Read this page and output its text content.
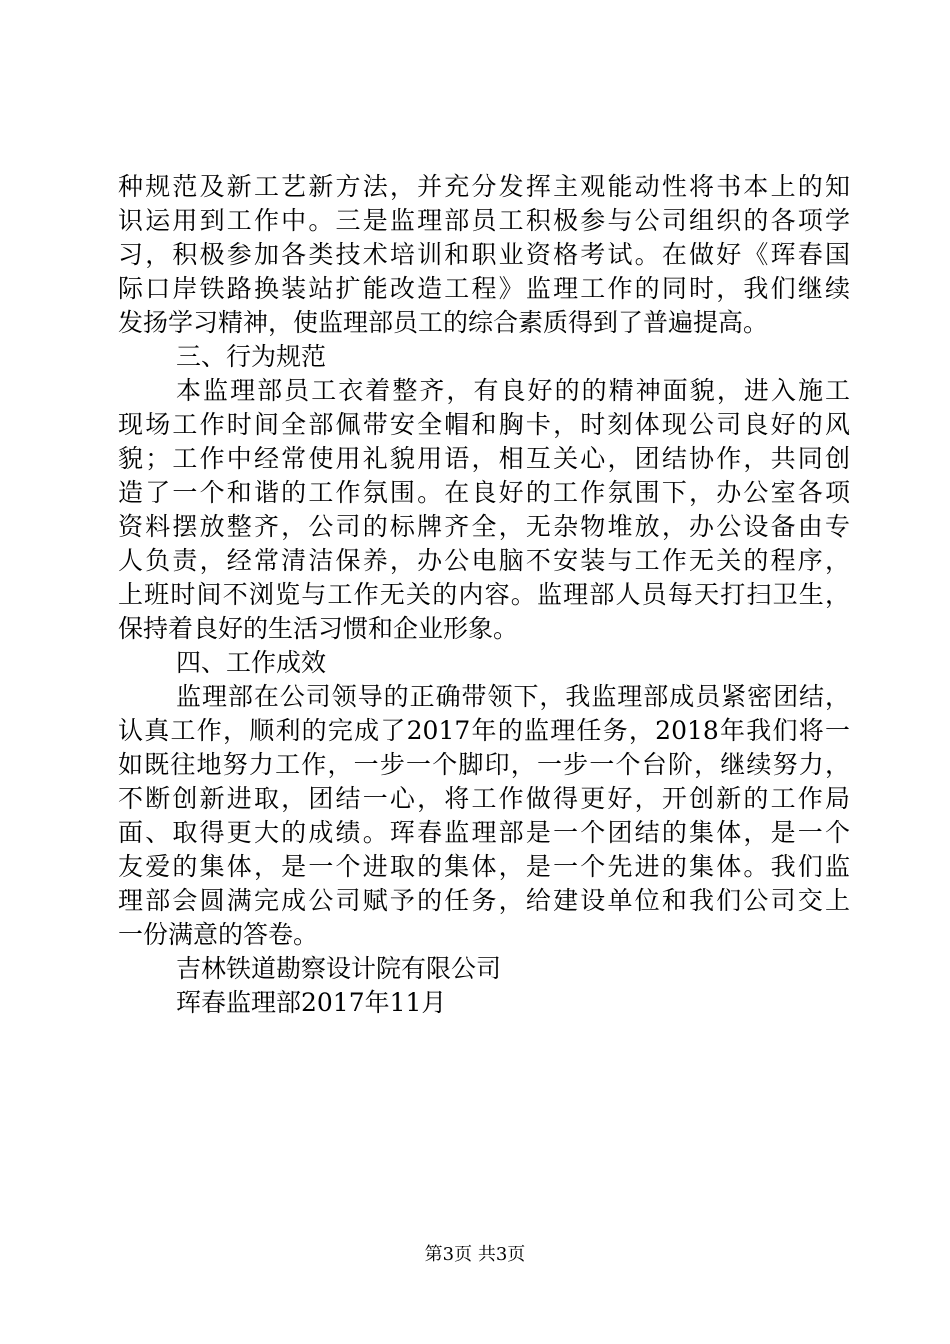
种规范及新工艺新方法，并充分发挥主观能动性将书本上的知
识运用到工作中。三是监理部员工积极参与公司组织的各项学
习，积极参加各类技术培训和职业资格考试。在做好《珲春国
际口岸铁路换装站扩能改造工程》监理工作的同时，我们继续
发扬学习精神，使监理部员工的综合素质得到了普遍提高。
三、行为规范
本监理部员工衣着整齐，有良好的的精神面貌，进入施工
现场工作时间全部佩带安全帽和胸卡，时刻体现公司良好的风
貌；工作中经常使用礼貌用语，相互关心，团结协作，共同创
造了一个和谐的工作氛围。在良好的工作氛围下，办公室各项
资料摆放整齐，公司的标牌齐全，无杂物堆放，办公设备由专
人负责，经常清洁保养，办公电脑不安装与工作无关的程序，
上班时间不浏览与工作无关的内容。监理部人员每天打扫卫生，
保持着良好的生活习惯和企业形象。
四、工作成效
监理部在公司领导的正确带领下，我监理部成员紧密团结，
认真工作，顺利的完成了2017年的监理任务，2018年我们将一
如既往地努力工作，一步一个脚印，一步一个台阶，继续努力，
不断创新进取，团结一心，将工作做得更好，开创新的工作局
面、取得更大的成绩。珲春监理部是一个团结的集体，是一个
友爱的集体，是一个进取的集体，是一个先进的集体。我们监
理部会圆满完成公司赋予的任务，给建设单位和我们公司交上
一份满意的答卷。
吉林铁道勘察设计院有限公司
珲春监理部2017年11月
第3页 共3页
